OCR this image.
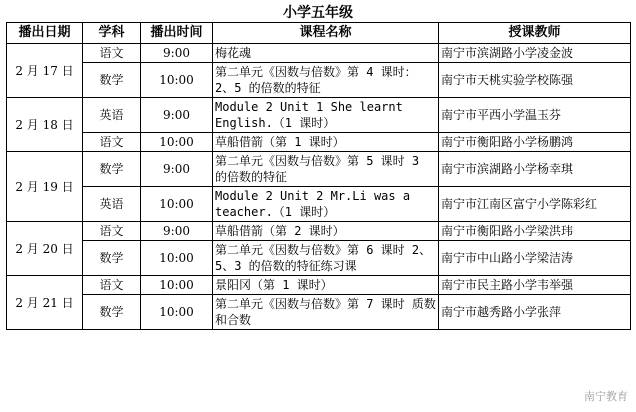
小学五年级
播出日期	学科	播出时间	课程名称	授课教师
2 月 17 日	语文	9:00	梅花魂	南宁市滨湖路小学凌金波
	数学	10:00	第二单元《因数与倍数》第 4 课时： 2、5 的倍数的特征	南宁市天桃实验学校陈强
2 月 18 日	英语	9:00	Module 2 Unit 1 She learnt English.（1 课时）	南宁市平西小学温玉芬
	语文	10:00	草船借箭（第 1 课时）	南宁市衡阳路小学杨鹏鸿
2 月 19 日	数学	9:00	第二单元《因数与倍数》第 5 课时 3 的倍数的特征	南宁市滨湖路小学杨幸琪
	英语	10:00	Module 2 Unit 2 Mr.Li was a teacher.（1 课时）	南宁市江南区富宁小学陈彩红
2 月 20 日	语文	9:00	草船借箭（第 2 课时）	南宁市衡阳路小学梁洪玮
	数学	10:00	第二单元《因数与倍数》第 6 课时 2、5、3 的倍数的特征练习课	南宁市中山路小学梁洁涛
2 月 21 日	语文	10:00	景阳冈（第 1 课时）	南宁市民主路小学韦举强
	数学	10:00	第二单元《因数与倍数》第 7 课时 质数和合数	南宁市越秀路小学张萍
南宁教育
